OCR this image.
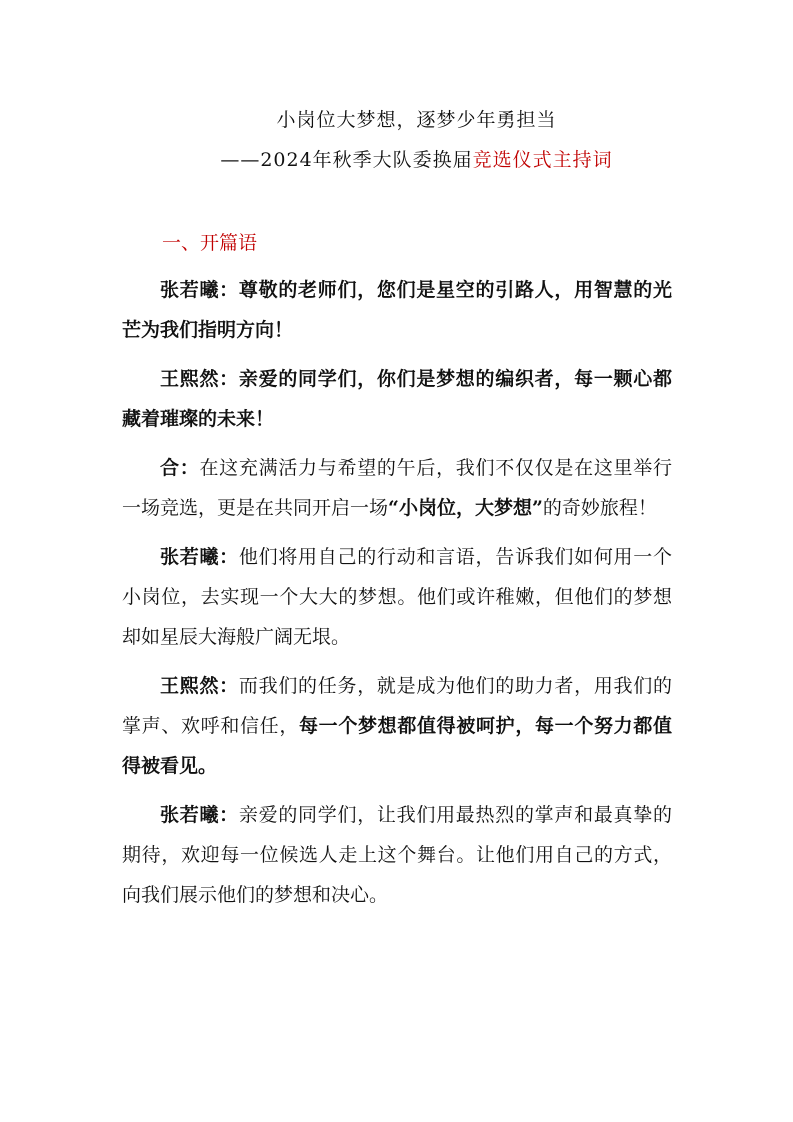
小岗位大梦想，逐梦少年勇担当
——2024年秋季大队委换届竞选仪式主持词
一、开篇语

张若曦：尊敬的老师们，您们是星空的引路人，用智慧的光芒为我们指明方向！

王熙然：亲爱的同学们，你们是梦想的编织者，每一颗心都藏着璀璨的未来！

合：在这充满活力与希望的午后，我们不仅仅是在这里举行一场竞选，更是在共同开启一场“小岗位，大梦想”的奇妙旅程！

张若曦：他们将用自己的行动和言语，告诉我们如何用一个小岗位，去实现一个大大的梦想。他们或许稚嫩，但他们的梦想却如星辰大海般广阔无垠。

王熙然：而我们的任务，就是成为他们的助力者，用我们的掌声、欢呼和信任，每一个梦想都值得被呵护，每一个努力都值得被看见。

张若曦：亲爱的同学们，让我们用最热烈的掌声和最真挚的期待，欢迎每一位候选人走上这个舞台。让他们用自己的方式，向我们展示他们的梦想和决心。
